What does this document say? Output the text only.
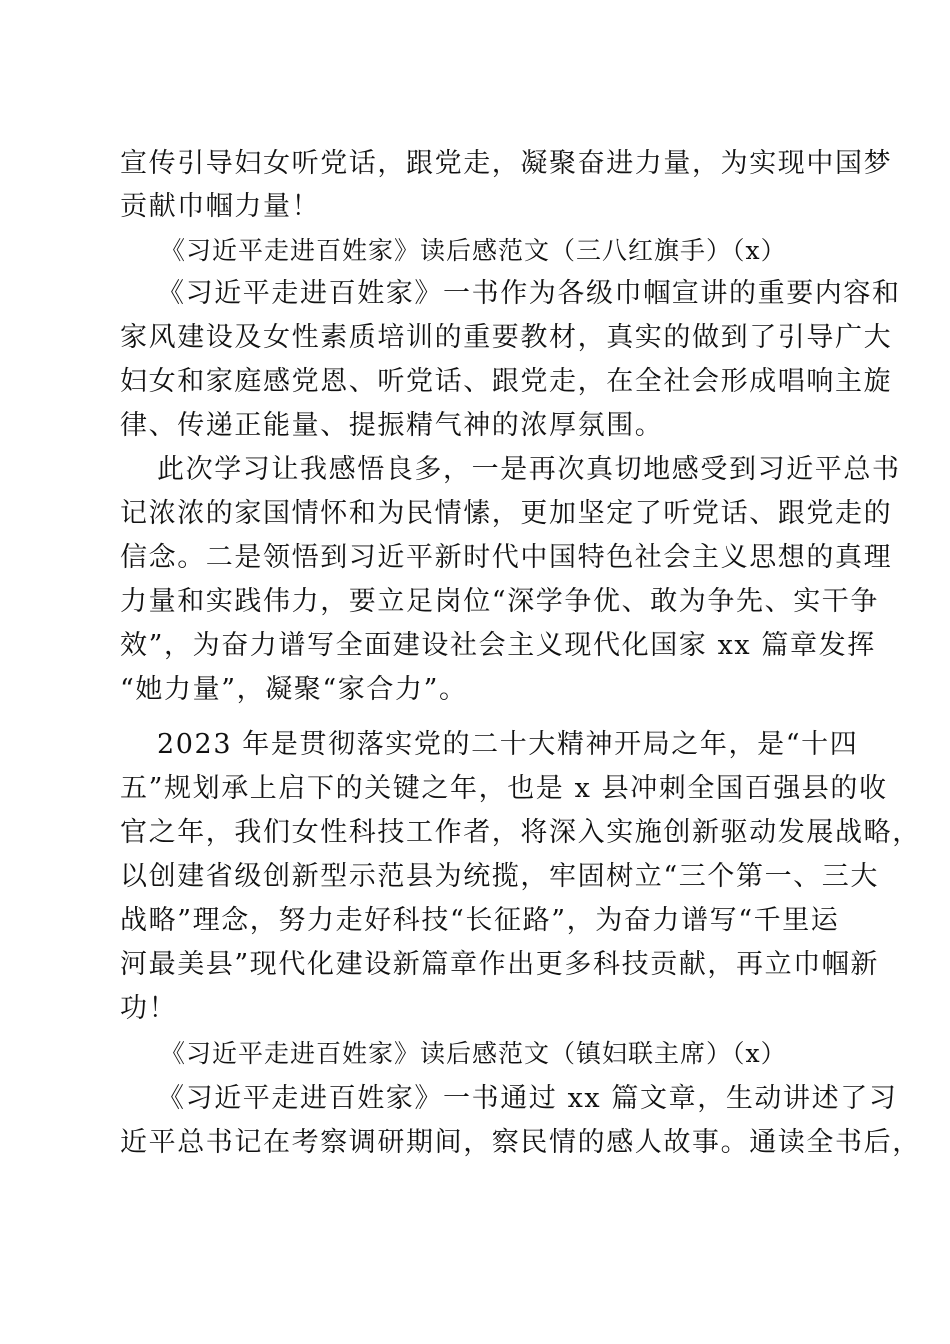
宣传引导妇女听党话，跟党走，凝聚奋进力量，为实现中国梦
贡献巾帼力量！
《习近平走进百姓家》读后感范文（三八红旗手）（x）
《习近平走进百姓家》一书作为各级巾帼宣讲的重要内容和
家风建设及女性素质培训的重要教材，真实的做到了引导广大
妇女和家庭感党恩、听党话、跟党走，在全社会形成唱响主旋
律、传递正能量、提振精气神的浓厚氛围。
此次学习让我感悟良多，一是再次真切地感受到习近平总书
记浓浓的家国情怀和为民情愫，更加坚定了听党话、跟党走的
信念。二是领悟到习近平新时代中国特色社会主义思想的真理
力量和实践伟力，要立足岗位“深学争优、敢为争先、实干争
效”，为奋力谱写全面建设社会主义现代化国家 xx 篇章发挥
“她力量”，凝聚“家合力”。
2023 年是贯彻落实党的二十大精神开局之年，是“十四
五”规划承上启下的关键之年，也是 x 县冲刺全国百强县的收
官之年，我们女性科技工作者，将深入实施创新驱动发展战略，
以创建省级创新型示范县为统揽，牢固树立“三个第一、三大
战略”理念，努力走好科技“长征路”，为奋力谱写“千里运
河最美县”现代化建设新篇章作出更多科技贡献，再立巾帼新
功！
《习近平走进百姓家》读后感范文（镇妇联主席）（x）
《习近平走进百姓家》一书通过 xx 篇文章，生动讲述了习
近平总书记在考察调研期间，察民情的感人故事。通读全书后，
